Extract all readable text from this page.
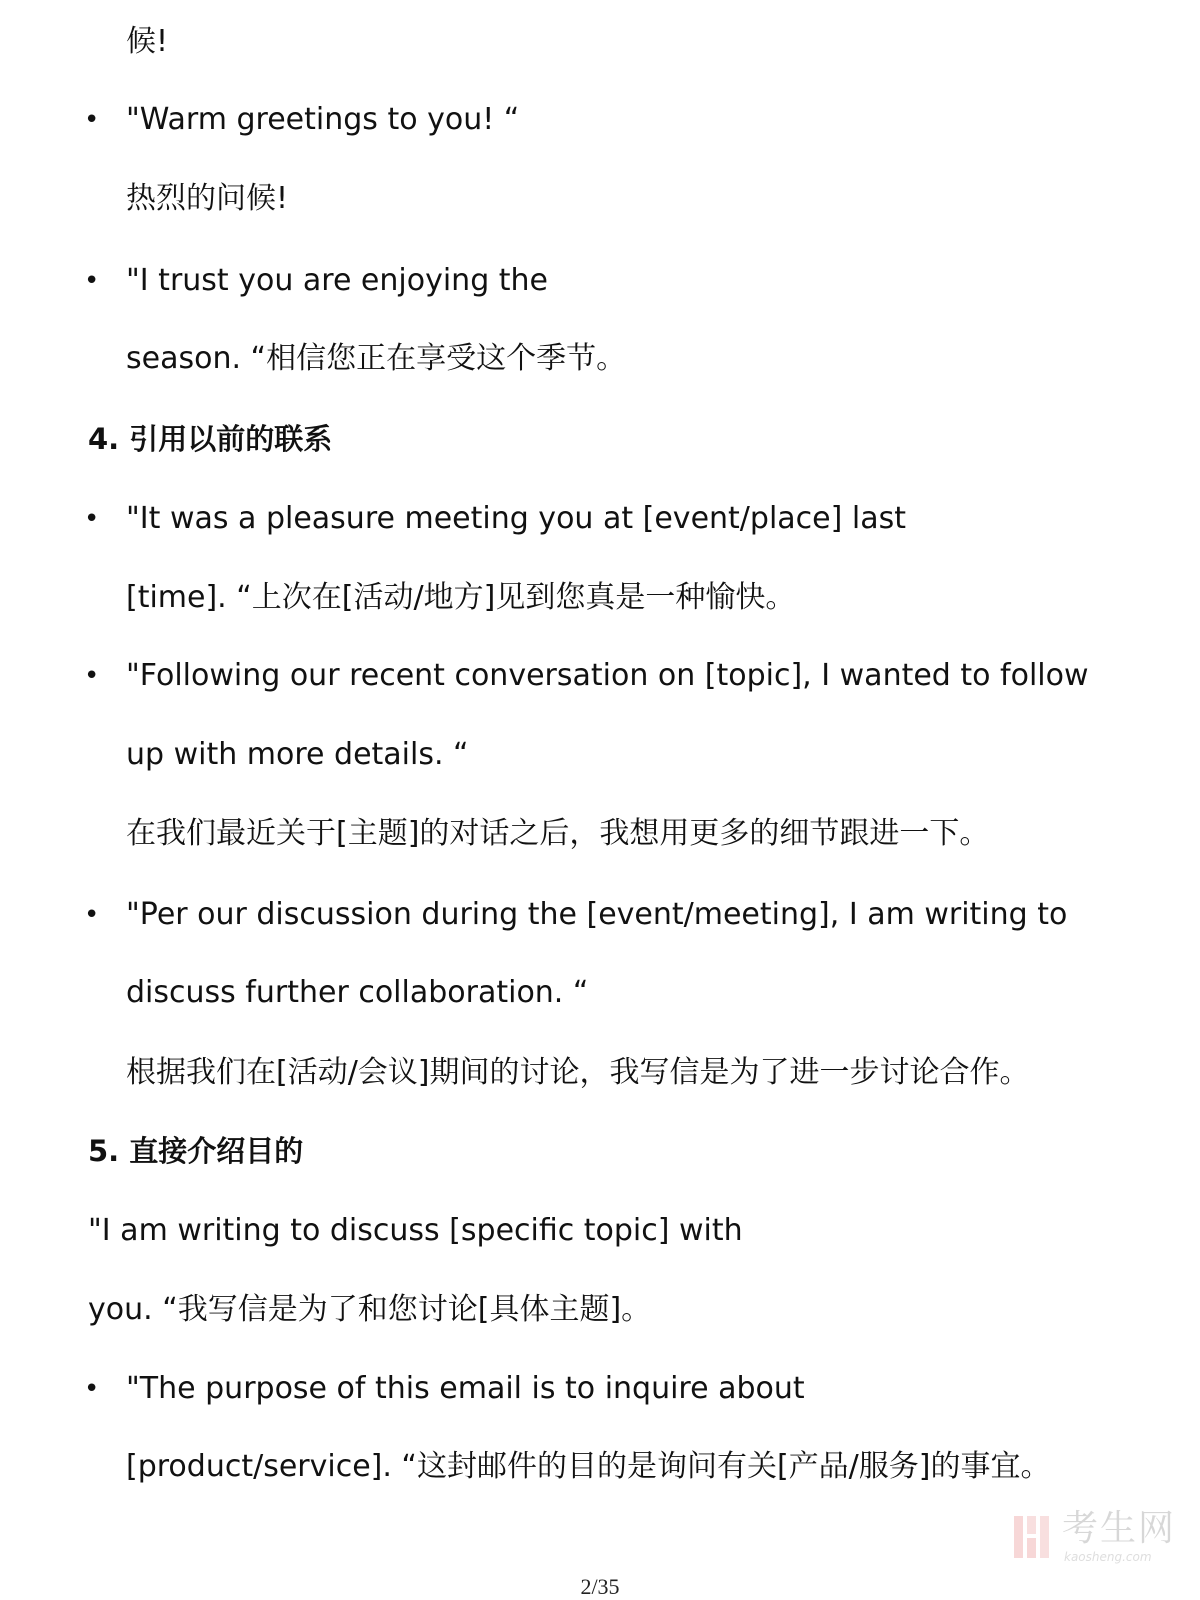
候!
• "Warm greetings to you! “
热烈的问候!
• "I trust you are enjoying the
season. “相信您正在享受这个季节。
4. 引用以前的联系
• "It was a pleasure meeting you at [event/place] last
[time]. “上次在[活动/地方]见到您真是一种愉快。
• "Following our recent conversation on [topic], I wanted to follow
up with more details. “
在我们最近关于[主题]的对话之后，我想用更多的细节跟进一下。
• "Per our discussion during the [event/meeting], I am writing to
discuss further collaboration. “
根据我们在[活动/会议]期间的讨论，我写信是为了进一步讨论合作。
5. 直接介绍目的
"I am writing to discuss [specific topic] with
you. “我写信是为了和您讨论[具体主题]。
• "The purpose of this email is to inquire about
[product/service]. “这封邮件的目的是询问有关[产品/服务]的事宜。
考生网
kaosheng.com
2/35
